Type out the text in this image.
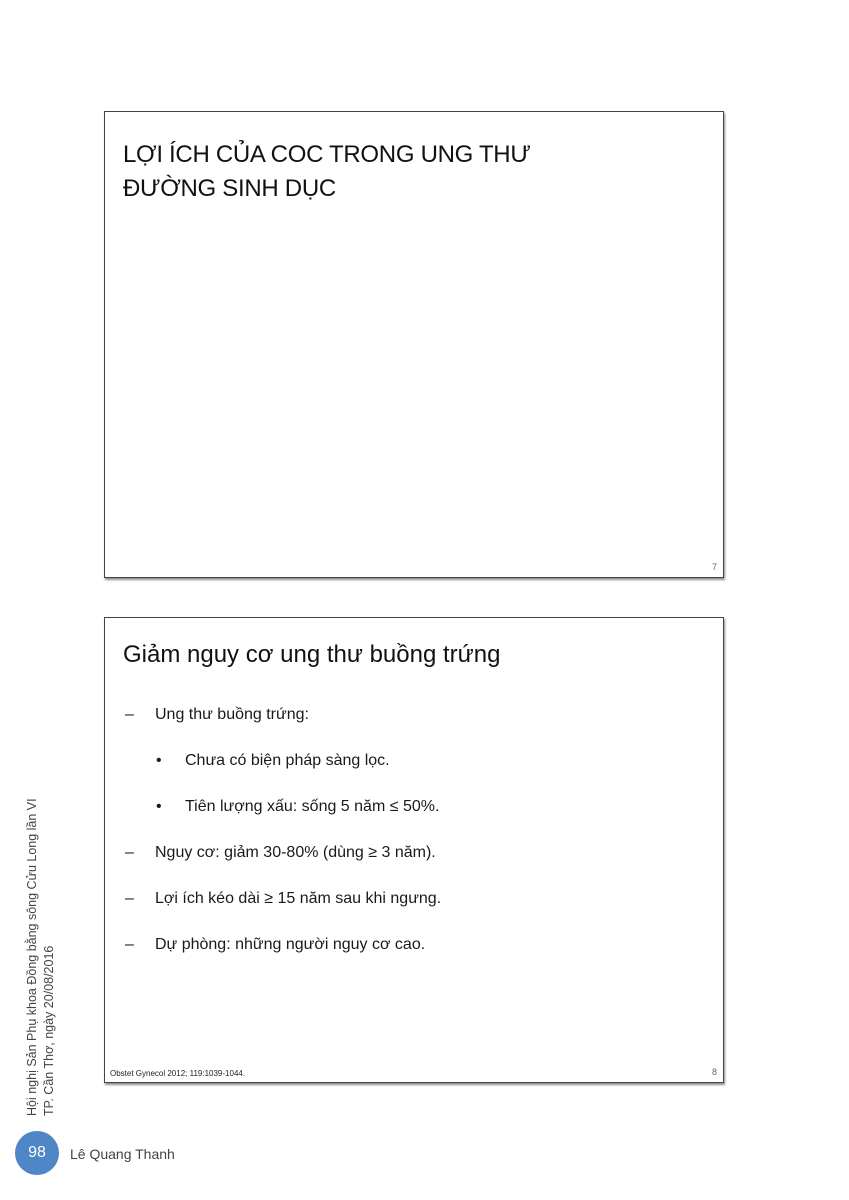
LỢI ÍCH CỦA COC TRONG UNG THƯ
ĐƯỜNG SINH DỤC
7
Giảm nguy cơ ung thư buồng trứng
– Ung thư buồng trứng:
• Chưa có biện pháp sàng lọc.
• Tiên lượng xấu: sống 5 năm ≤ 50%.
– Nguy cơ: giảm 30-80% (dùng ≥ 3 năm).
– Lợi ích kéo dài ≥ 15 năm sau khi ngưng.
– Dự phòng: những người nguy cơ cao.
Obstet Gynecol 2012; 119:1039-1044.	8
Hội nghị Sản Phụ khoa Đồng bằng sông Cửu Long lần VI TP. Cần Thơ, ngày 20/08/2016
98	Lê Quang Thanh
